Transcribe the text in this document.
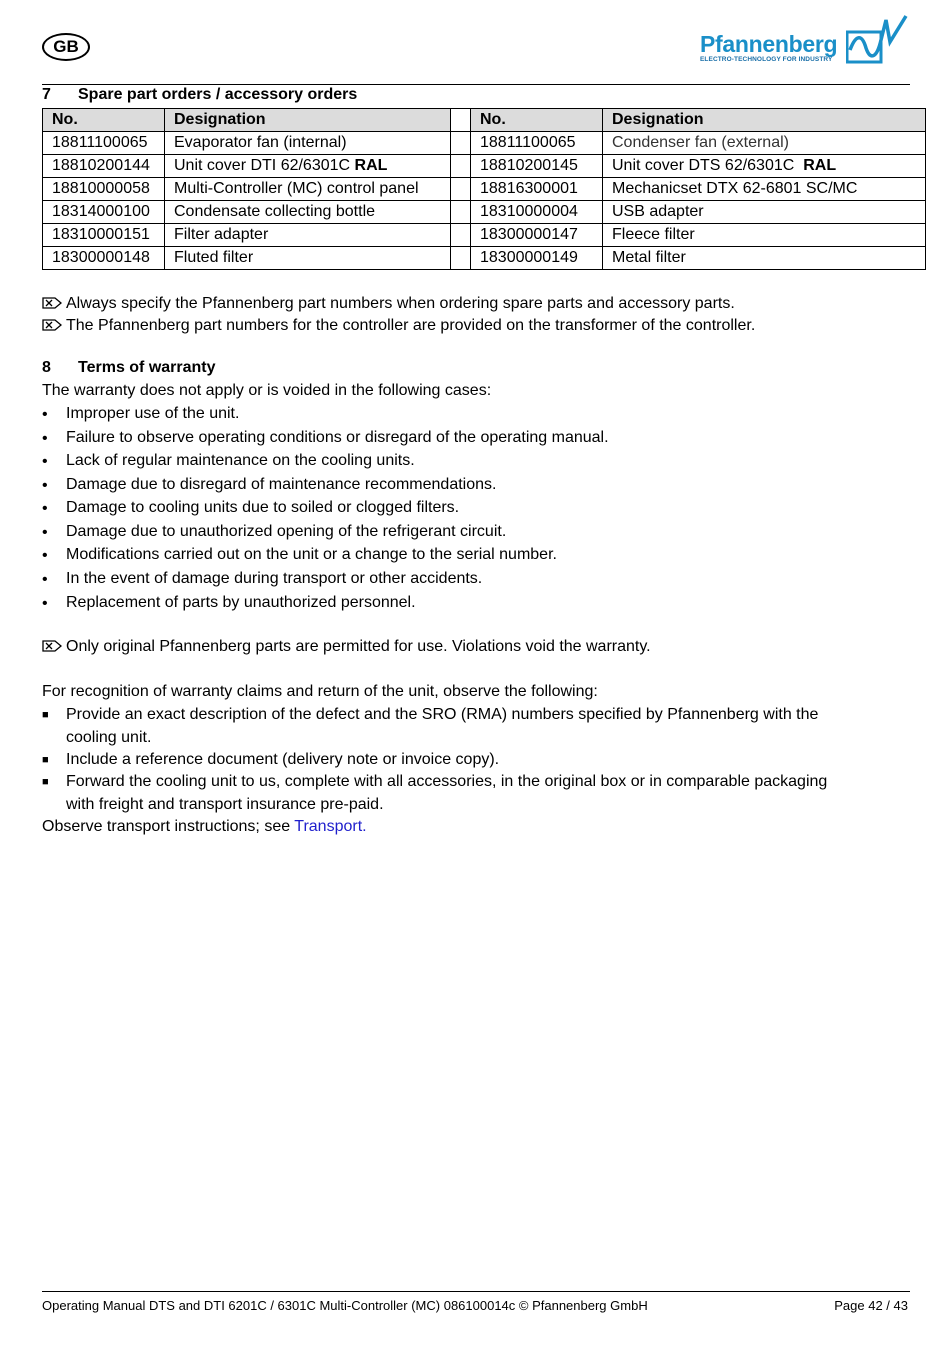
GB	Pfannenberg
ELECTRO-TECHNOLOGY FOR INDUSTRY
7 Spare part orders / accessory orders
No.	Designation		No.	Designation
18811100065	Evaporator fan (internal)		18811100065	Condenser fan (external)
18810200144	Unit cover DTI 62/6301C RAL		18810200145	Unit cover DTS 62/6301C RAL
18810000058	Multi-Controller (MC) control panel		18816300001	Mechanicset DTX 62-6801 SC/MC
18314000100	Condensate collecting bottle		18310000004	USB adapter
18310000151	Filter adapter		18300000147	Fleece filter
18300000148	Fluted filter		18300000149	Metal filter
Always specify the Pfannenberg part numbers when ordering spare parts and accessory parts.
The Pfannenberg part numbers for the controller are provided on the transformer of the controller.
8 Terms of warranty
The warranty does not apply or is voided in the following cases:
• Improper use of the unit.
• Failure to observe operating conditions or disregard of the operating manual.
• Lack of regular maintenance on the cooling units.
• Damage due to disregard of maintenance recommendations.
• Damage to cooling units due to soiled or clogged filters.
• Damage due to unauthorized opening of the refrigerant circuit.
• Modifications carried out on the unit or a change to the serial number.
• In the event of damage during transport or other accidents.
• Replacement of parts by unauthorized personnel.
Only original Pfannenberg parts are permitted for use. Violations void the warranty.
For recognition of warranty claims and return of the unit, observe the following:
■ Provide an exact description of the defect and the SRO (RMA) numbers specified by Pfannenberg with the
cooling unit.
■ Include a reference document (delivery note or invoice copy).
■ Forward the cooling unit to us, complete with all accessories, in the original box or in comparable packaging
with freight and transport insurance pre-paid.
Observe transport instructions; see Transport.
Operating Manual DTS and DTI 6201C / 6301C Multi-Controller (MC) 086100014c © Pfannenberg GmbH	Page 42 / 43
